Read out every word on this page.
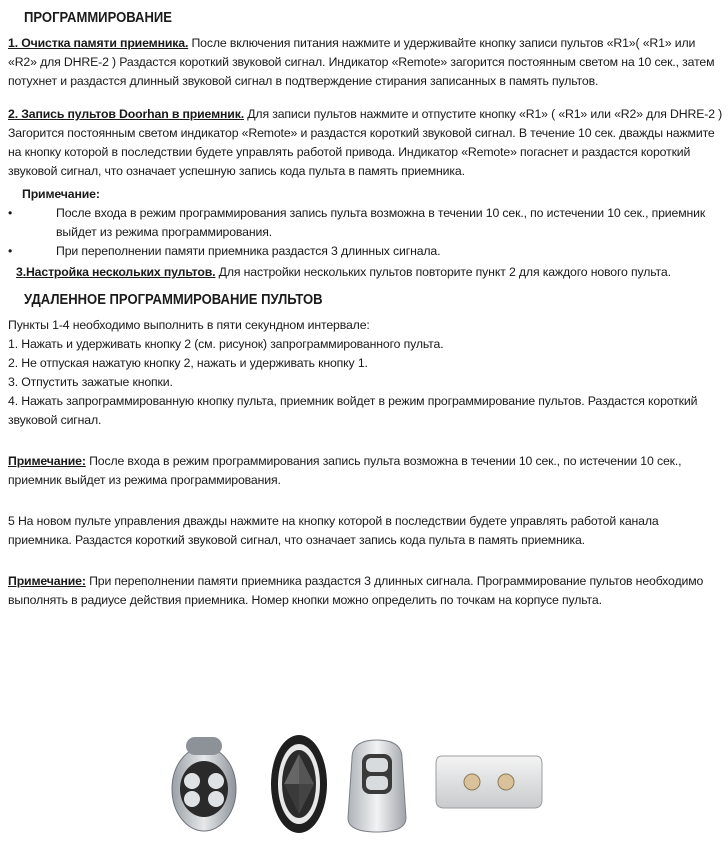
ПРОГРАММИРОВАНИЕ

1. Очистка памяти приемника. После включения питания нажмите и удерживайте кнопку записи пультов «R1»( «R1» или «R2» для DHRE-2 ) Раздастся короткий звуковой сигнал. Индикатор «Remote» загорится постоянным светом на 10 сек., затем потухнет и раздастся длинный звуковой сигнал в подтверждение стирания записанных в память пультов.

2. Запись пультов Doorhan в приемник. Для записи пультов нажмите и отпустите кнопку «R1» ( «R1» или «R2» для DHRE-2 ) Загорится постоянным светом индикатор «Remote» и раздастся короткий звуковой сигнал. В течение 10 сек. дважды нажмите на кнопку которой в последствии будете управлять работой привода. Индикатор «Remote» погаснет и раздастся короткий звуковой сигнал, что означает успешную запись кода пульта в память приемника.

Примечание:

•	После входа в режим программирования запись пульта возможна в течении 10 сек., по истечении 10 сек., приемник выйдет из режима программирования.
•	При переполнении памяти приемника раздастся 3 длинных сигнала.

3.Настройка нескольких пультов. Для настройки нескольких пультов повторите пункт 2 для каждого нового пульта.

УДАЛЕННОЕ ПРОГРАММИРОВАНИЕ ПУЛЬТОВ

Пункты 1-4 необходимо выполнить в пяти секундном интервале:

1. Нажать и удерживать кнопку 2 (см. рисунок) запрограммированного пульта.

2. Не отпуская нажатую кнопку 2, нажать и удерживать кнопку 1.

3. Отпустить зажатые кнопки.

4. Нажать запрограммированную кнопку пульта, приемник войдет в режим программирование пультов. Раздастся короткий звуковой сигнал.

Примечание: После входа в режим программирования запись пульта возможна в течении 10 сек., по истечении 10 сек., приемник выйдет из режима программирования.

5 На новом пульте управления дважды нажмите на кнопку которой в последствии будете управлять работой канала приемника. Раздастся короткий звуковой сигнал, что означает запись кода пульта в память приемника.

Примечание: При переполнении памяти приемника раздастся 3 длинных сигнала. Программирование пультов необходимо выполнять в радиусе действия приемника. Номер кнопки можно определить по точкам на корпусе пульта.
